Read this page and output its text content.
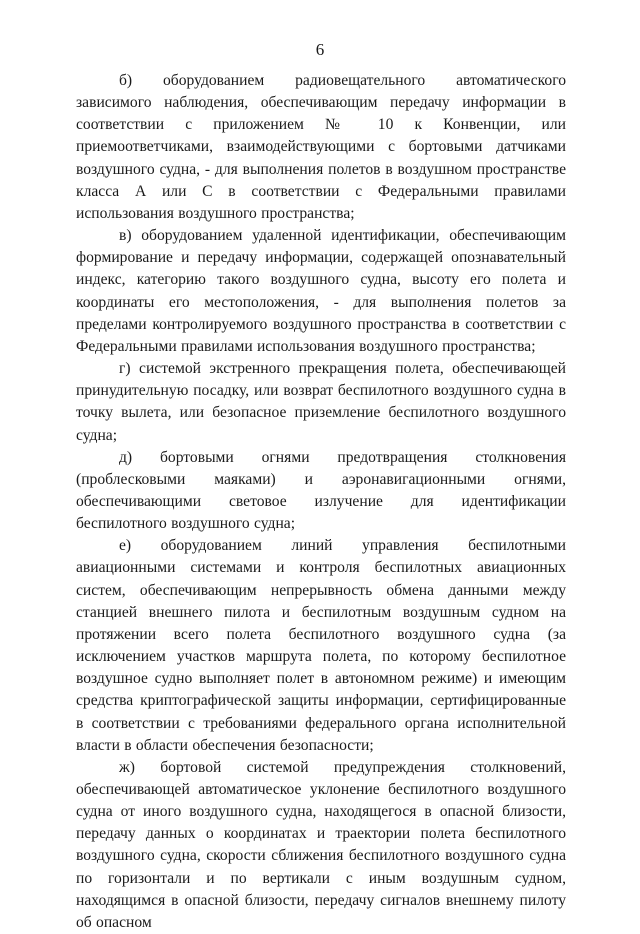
6

б) оборудованием радиовещательного автоматического зависимого наблюдения, обеспечивающим передачу информации в соответствии с приложением № 10 к Конвенции, или приемоответчиками, взаимодействующими с бортовыми датчиками воздушного судна, - для выполнения полетов в воздушном пространстве класса А или С в соответствии с Федеральными правилами использования воздушного пространства;

в) оборудованием удаленной идентификации, обеспечивающим формирование и передачу информации, содержащей опознавательный индекс, категорию такого воздушного судна, высоту его полета и координаты его местоположения, - для выполнения полетов за пределами контролируемого воздушного пространства в соответствии с Федеральными правилами использования воздушного пространства;

г) системой экстренного прекращения полета, обеспечивающей принудительную посадку, или возврат беспилотного воздушного судна в точку вылета, или безопасное приземление беспилотного воздушного судна;

д) бортовыми огнями предотвращения столкновения (проблесковыми маяками) и аэронавигационными огнями, обеспечивающими световое излучение для идентификации беспилотного воздушного судна;

е) оборудованием линий управления беспилотными авиационными системами и контроля беспилотных авиационных систем, обеспечивающим непрерывность обмена данными между станцией внешнего пилота и беспилотным воздушным судном на протяжении всего полета беспилотного воздушного судна (за исключением участков маршрута полета, по которому беспилотное воздушное судно выполняет полет в автономном режиме) и имеющим средства криптографической защиты информации, сертифицированные в соответствии с требованиями федерального органа исполнительной власти в области обеспечения безопасности;

ж) бортовой системой предупреждения столкновений, обеспечивающей автоматическое уклонение беспилотного воздушного судна от иного воздушного судна, находящегося в опасной близости, передачу данных о координатах и траектории полета беспилотного воздушного судна, скорости сближения беспилотного воздушного судна по горизонтали и по вертикали с иным воздушным судном, находящимся в опасной близости, передачу сигналов внешнему пилоту об опасном
